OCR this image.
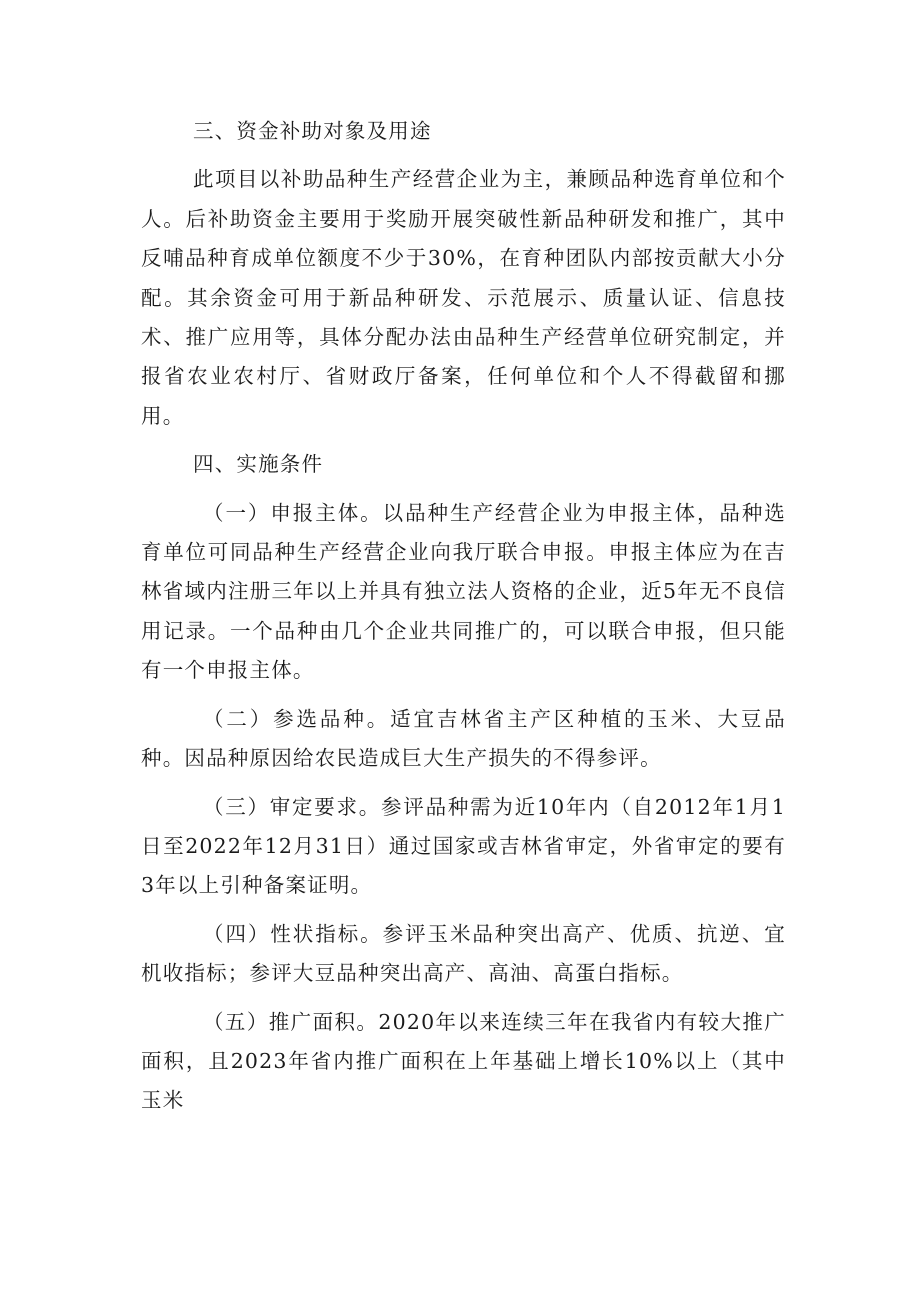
三、资金补助对象及用途

此项目以补助品种生产经营企业为主，兼顾品种选育单位和个人。后补助资金主要用于奖励开展突破性新品种研发和推广，其中反哺品种育成单位额度不少于30%，在育种团队内部按贡献大小分配。其余资金可用于新品种研发、示范展示、质量认证、信息技术、推广应用等，具体分配办法由品种生产经营单位研究制定，并报省农业农村厅、省财政厅备案，任何单位和个人不得截留和挪用。

四、实施条件

（一）申报主体。以品种生产经营企业为申报主体，品种选育单位可同品种生产经营企业向我厅联合申报。申报主体应为在吉林省域内注册三年以上并具有独立法人资格的企业，近5年无不良信用记录。一个品种由几个企业共同推广的，可以联合申报，但只能有一个申报主体。

（二）参选品种。适宜吉林省主产区种植的玉米、大豆品种。因品种原因给农民造成巨大生产损失的不得参评。

（三）审定要求。参评品种需为近10年内（自2012年1月1日至2022年12月31日）通过国家或吉林省审定，外省审定的要有3年以上引种备案证明。

（四）性状指标。参评玉米品种突出高产、优质、抗逆、宜机收指标；参评大豆品种突出高产、高油、高蛋白指标。

（五）推广面积。2020年以来连续三年在我省内有较大推广面积，且2023年省内推广面积在上年基础上增长10%以上（其中玉米
